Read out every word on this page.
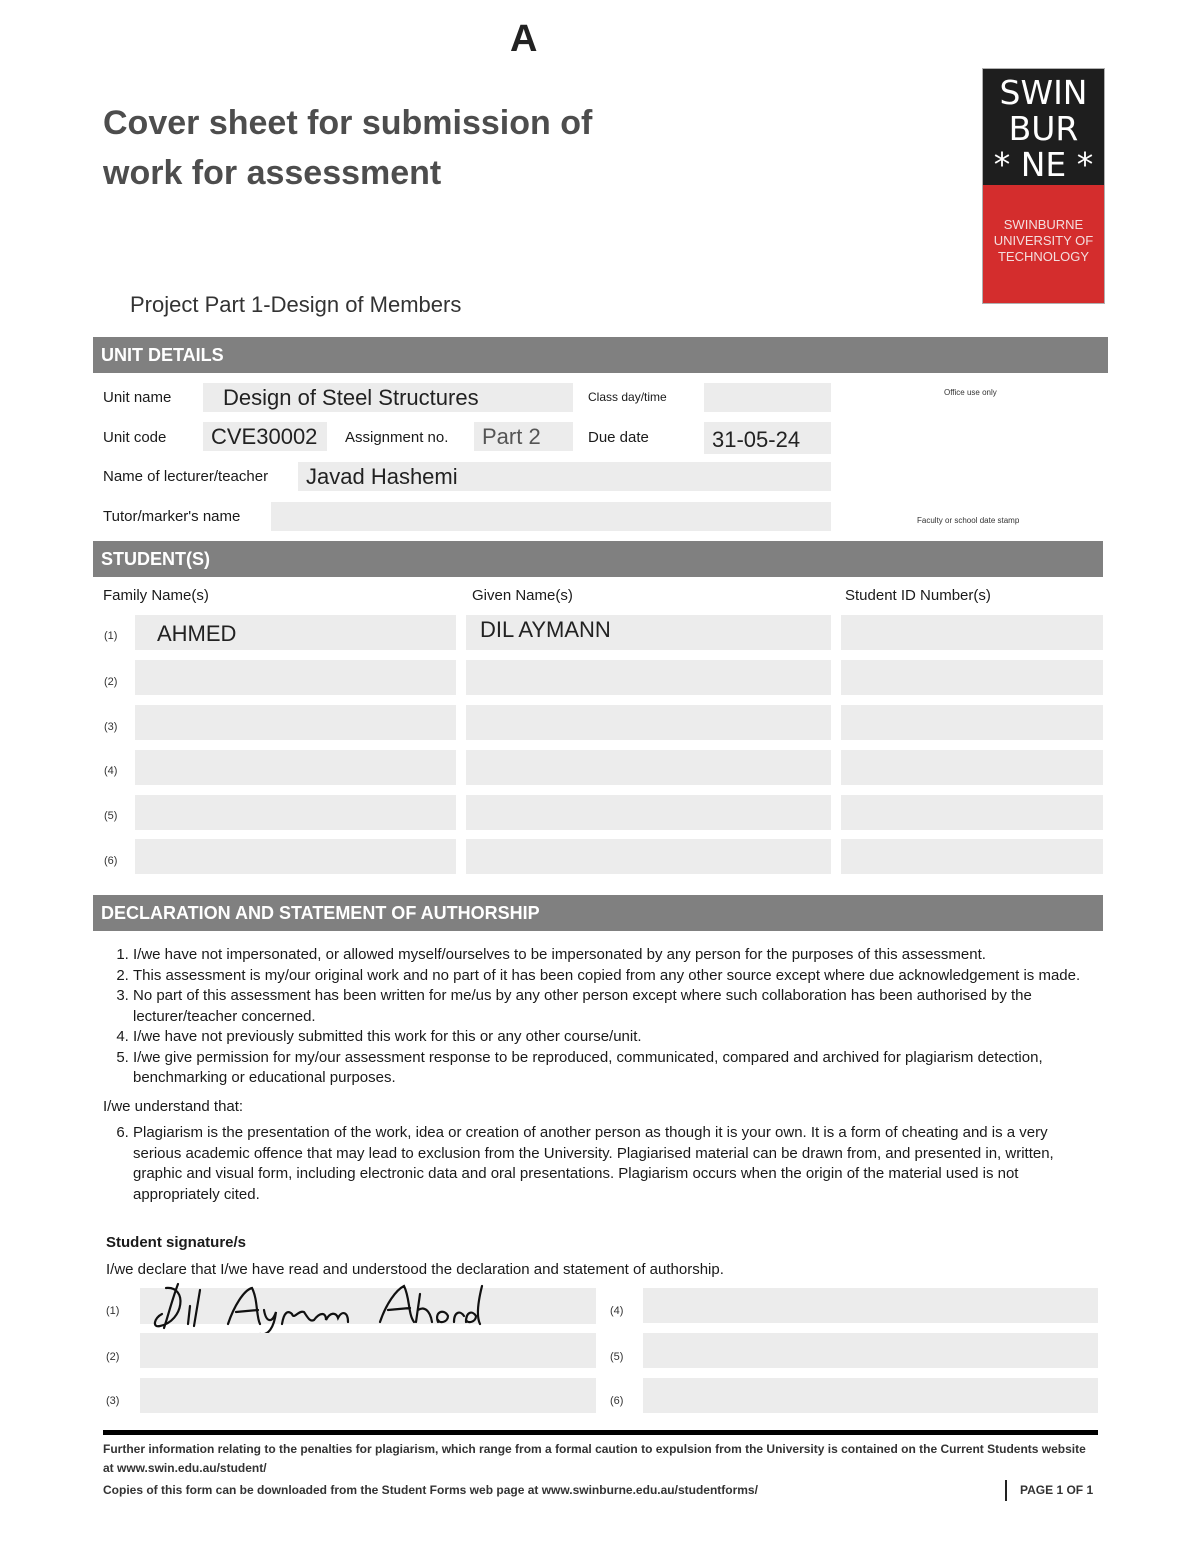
A
Cover sheet for submission of
work for assessment
SWIN
BUR
* NE *
SWINBURNE
UNIVERSITY OF
TECHNOLOGY
Project Part 1-Design of Members
UNIT DETAILS
Unit name	Design of Steel Structures	Class day/time	Office use only
Unit code	CVE30002	Assignment no.	Part 2	Due date	31-05-24
Name of lecturer/teacher	Javad Hashemi
Tutor/marker's name	Faculty or school date stamp
STUDENT(S)
Family Name(s)	Given Name(s)	Student ID Number(s)
(1)	AHMED	DIL AYMANN
(2)
(3)
(4)
(5)
(6)
DECLARATION AND STATEMENT OF AUTHORSHIP
1. I/we have not impersonated, or allowed myself/ourselves to be impersonated by any person for the purposes of this assessment.
2. This assessment is my/our original work and no part of it has been copied from any other source except where due acknowledgement is made.
3. No part of this assessment has been written for me/us by any other person except where such collaboration has been authorised by the lecturer/teacher concerned.
4. I/we have not previously submitted this work for this or any other course/unit.
5. I/we give permission for my/our assessment response to be reproduced, communicated, compared and archived for plagiarism detection, benchmarking or educational purposes.

I/we understand that:

6. Plagiarism is the presentation of the work, idea or creation of another person as though it is your own. It is a form of cheating and is a very serious academic offence that may lead to exclusion from the University. Plagiarised material can be drawn from, and presented in, written, graphic and visual form, including electronic data and oral presentations. Plagiarism occurs when the origin of the material used is not appropriately cited.
Student signature/s
I/we declare that I/we have read and understood the declaration and statement of authorship.
(1)
(2)
(3)
(4)
(5)
(6)
Further information relating to the penalties for plagiarism, which range from a formal caution to expulsion from the University is contained on the Current Students website at www.swin.edu.au/student/
Copies of this form can be downloaded from the Student Forms web page at www.swinburne.edu.au/studentforms/	PAGE 1 OF 1
